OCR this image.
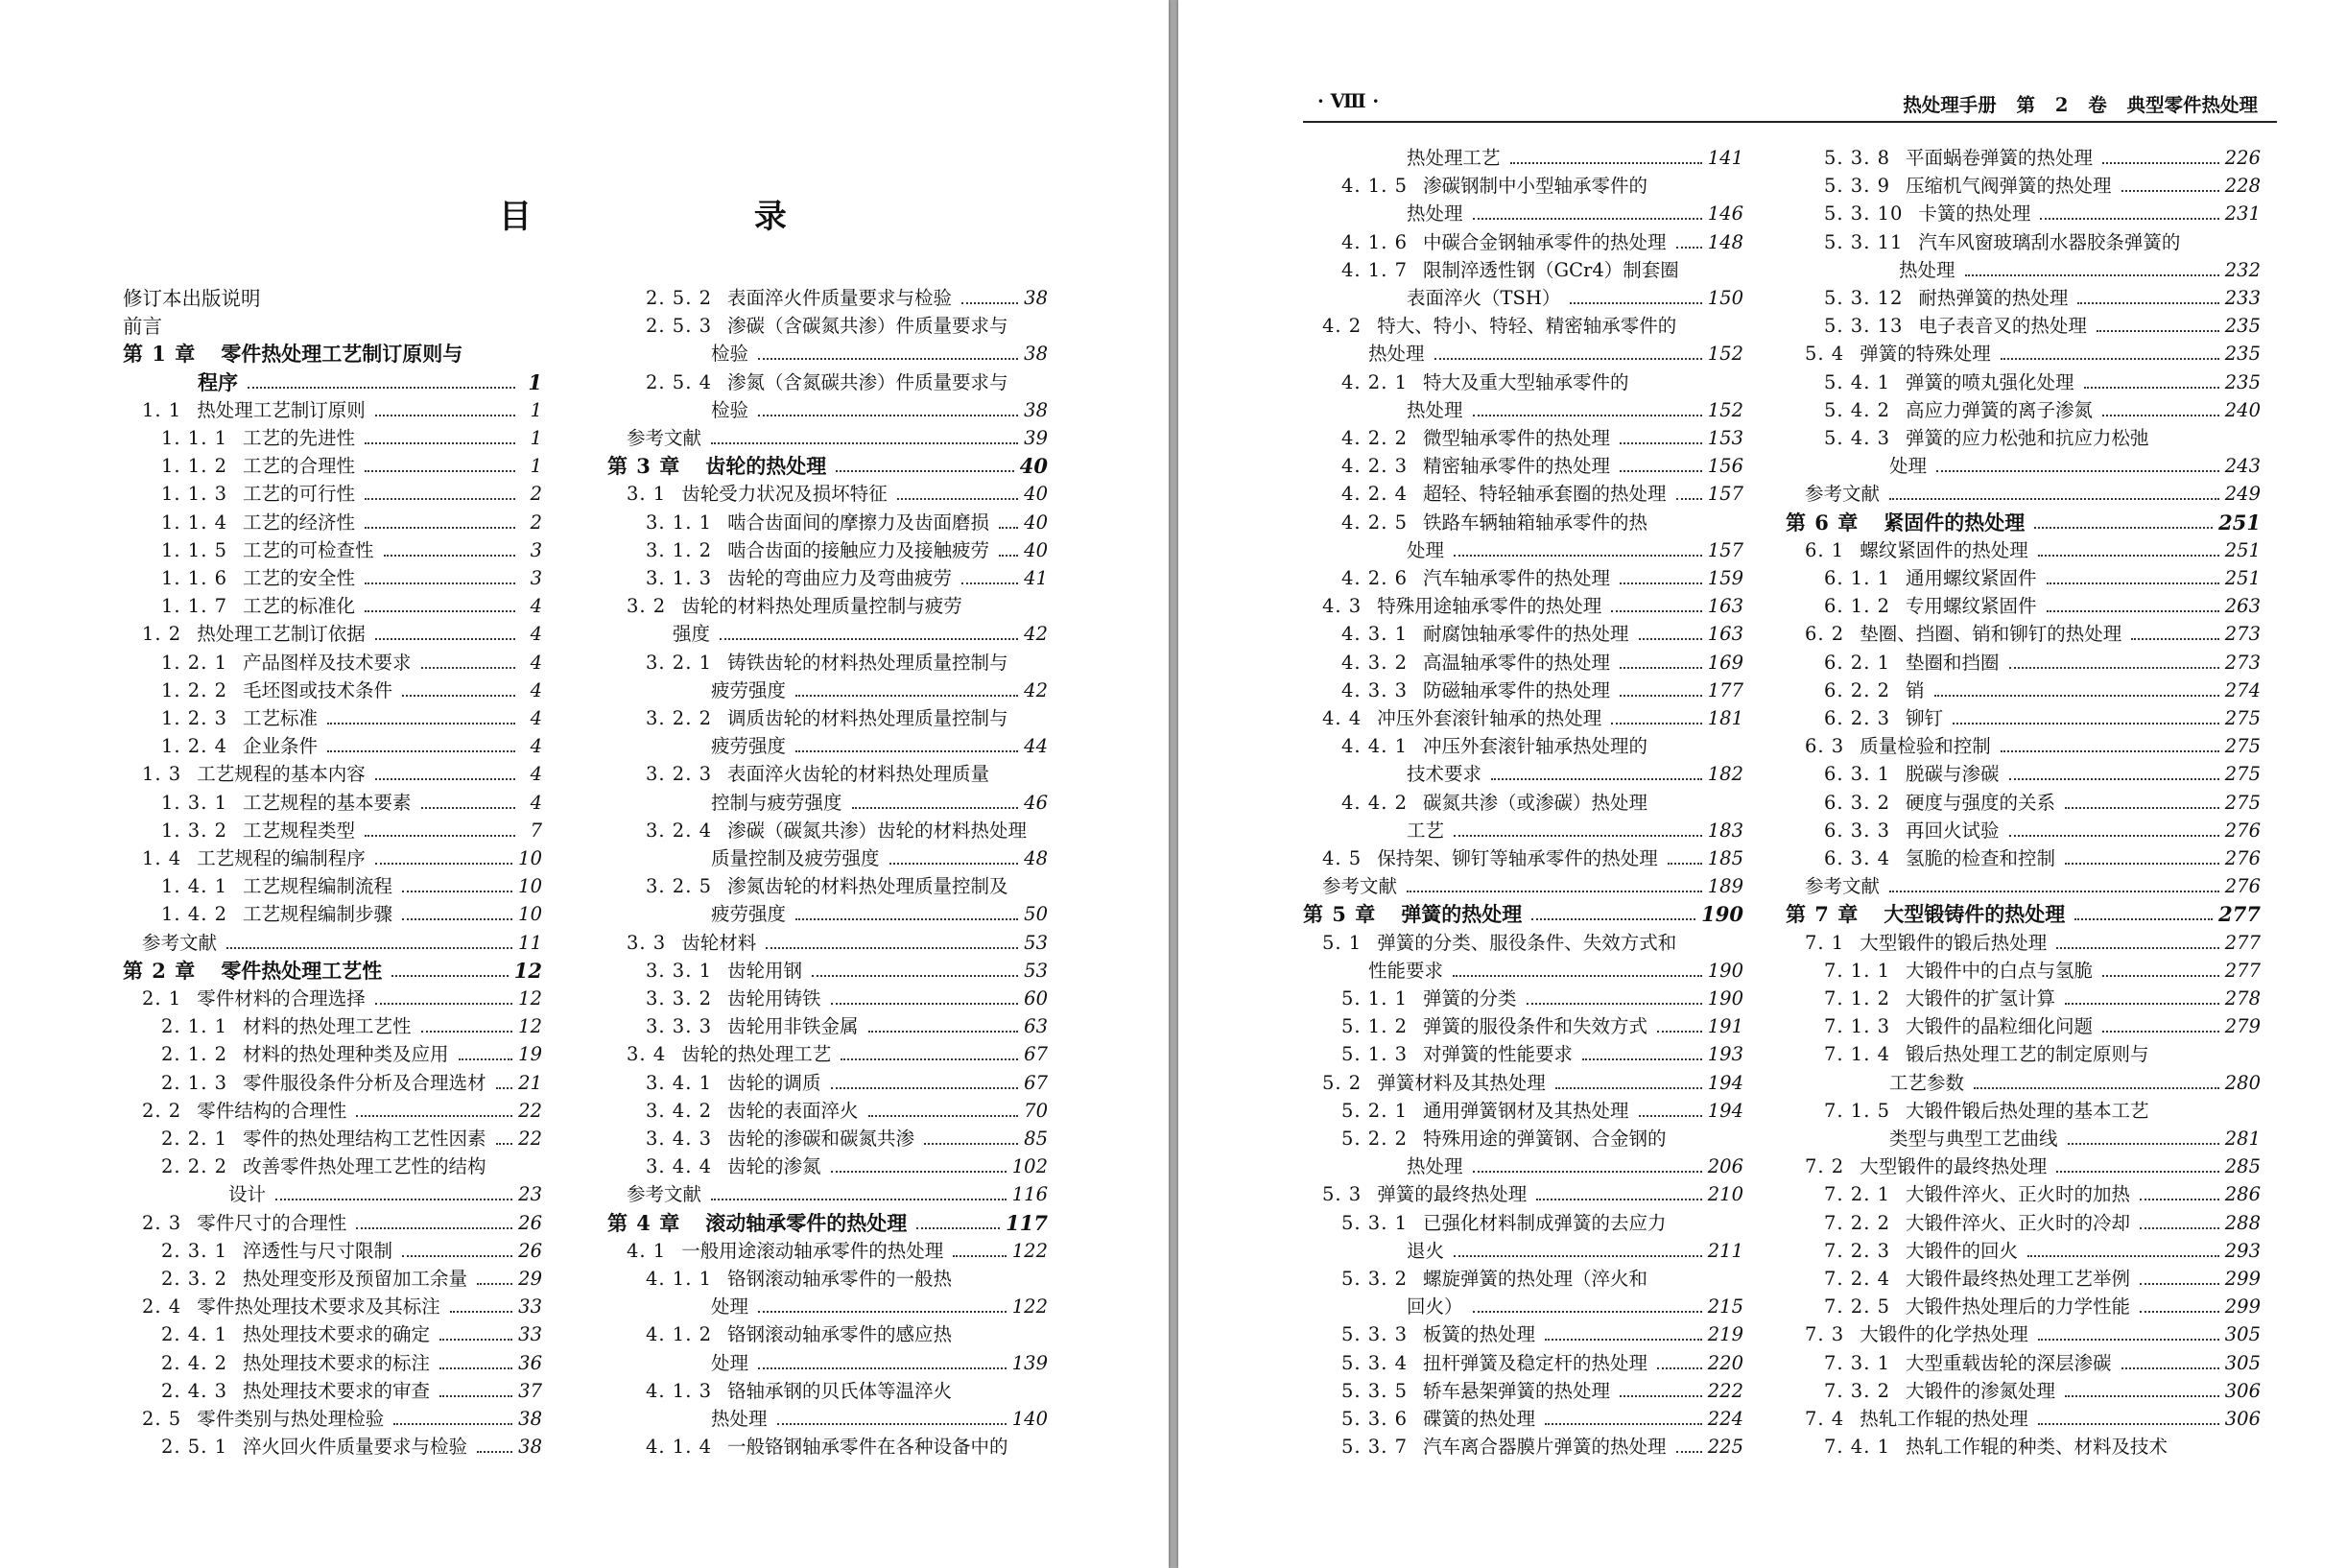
目 录
修订本出版说明
前言
第 1 章 零件热处理工艺制订原则与
程序	1
1. 1 热处理工艺制订原则	1
1. 1. 1 工艺的先进性	1
1. 1. 2 工艺的合理性	1
1. 1. 3 工艺的可行性	2
1. 1. 4 工艺的经济性	2
1. 1. 5 工艺的可检查性	3
1. 1. 6 工艺的安全性	3
1. 1. 7 工艺的标准化	4
1. 2 热处理工艺制订依据	4
1. 2. 1 产品图样及技术要求	4
1. 2. 2 毛坯图或技术条件	4
1. 2. 3 工艺标准	4
1. 2. 4 企业条件	4
1. 3 工艺规程的基本内容	4
1. 3. 1 工艺规程的基本要素	4
1. 3. 2 工艺规程类型	7
1. 4 工艺规程的编制程序	10
1. 4. 1 工艺规程编制流程	10
1. 4. 2 工艺规程编制步骤	10
参考文献	11
第 2 章 零件热处理工艺性	12
2. 1 零件材料的合理选择	12
2. 1. 1 材料的热处理工艺性	12
2. 1. 2 材料的热处理种类及应用	19
2. 1. 3 零件服役条件分析及合理选材 21
2. 2 零件结构的合理性	22
2. 2. 1 零件的热处理结构工艺性因素 22
2. 2. 2 改善零件热处理工艺性的结构
设计	23
2. 3 零件尺寸的合理性	26
2. 3. 1 淬透性与尺寸限制	26
2. 3. 2 热处理变形及预留加工余量	29
2. 4 零件热处理技术要求及其标注	33
2. 4. 1 热处理技术要求的确定	33
2. 4. 2 热处理技术要求的标注	36
2. 4. 3 热处理技术要求的审查	37
2. 5 零件类别与热处理检验	38
2. 5. 1 淬火回火件质量要求与检验	38
2. 5. 2 表面淬火件质量要求与检验	38
2. 5. 3 渗碳（含碳氮共渗）件质量要求与
检验	38
2. 5. 4 渗氮（含氮碳共渗）件质量要求与
检验	38
参考文献	39
第 3 章 齿轮的热处理	40
3. 1 齿轮受力状况及损坏特征	40
3. 1. 1 啮合齿面间的摩擦力及齿面磨损 40
3. 1. 2 啮合齿面的接触应力及接触疲劳 40
3. 1. 3 齿轮的弯曲应力及弯曲疲劳	41
3. 2 齿轮的材料热处理质量控制与疲劳
强度	42
3. 2. 1 铸铁齿轮的材料热处理质量控制与
疲劳强度	42
3. 2. 2 调质齿轮的材料热处理质量控制与
疲劳强度	44
3. 2. 3 表面淬火齿轮的材料热处理质量
控制与疲劳强度	46
3. 2. 4 渗碳（碳氮共渗）齿轮的材料热处理
质量控制及疲劳强度	48
3. 2. 5 渗氮齿轮的材料热处理质量控制及
疲劳强度	50
3. 3 齿轮材料	53
3. 3. 1 齿轮用钢	53
3. 3. 2 齿轮用铸铁	60
3. 3. 3 齿轮用非铁金属	63
3. 4 齿轮的热处理工艺	67
3. 4. 1 齿轮的调质	67
3. 4. 2 齿轮的表面淬火	70
3. 4. 3 齿轮的渗碳和碳氮共渗	85
3. 4. 4 齿轮的渗氮	102
参考文献	116
第 4 章 滚动轴承零件的热处理	117
4. 1 一般用途滚动轴承零件的热处理	122
4. 1. 1 铬钢滚动轴承零件的一般热
处理	122
4. 1. 2 铬钢滚动轴承零件的感应热
处理	139
4. 1. 3 铬轴承钢的贝氏体等温淬火
热处理	140
4. 1. 4 一般铬钢轴承零件在各种设备中的
· Ⅷ ·	热处理手册 第 2 卷 典型零件热处理
热处理工艺	141
4. 1. 5 渗碳钢制中小型轴承零件的
热处理	146
4. 1. 6 中碳合金钢轴承零件的热处理 148
4. 1. 7 限制淬透性钢（GCr4）制套圈
表面淬火（TSH）	150
4. 2 特大、特小、特轻、精密轴承零件的
热处理	152
4. 2. 1 特大及重大型轴承零件的
热处理	152
4. 2. 2 微型轴承零件的热处理	153
4. 2. 3 精密轴承零件的热处理	156
4. 2. 4 超轻、特轻轴承套圈的热处理 157
4. 2. 5 铁路车辆轴箱轴承零件的热
处理	157
4. 2. 6 汽车轴承零件的热处理	159
4. 3 特殊用途轴承零件的热处理	163
4. 3. 1 耐腐蚀轴承零件的热处理	163
4. 3. 2 高温轴承零件的热处理	169
4. 3. 3 防磁轴承零件的热处理	177
4. 4 冲压外套滚针轴承的热处理	181
4. 4. 1 冲压外套滚针轴承热处理的
技术要求	182
4. 4. 2 碳氮共渗（或渗碳）热处理
工艺	183
4. 5 保持架、铆钉等轴承零件的热处理	185
参考文献	189
第 5 章 弹簧的热处理	190
5. 1 弹簧的分类、服役条件、失效方式和
性能要求	190
5. 1. 1 弹簧的分类	190
5. 1. 2 弹簧的服役条件和失效方式	191
5. 1. 3 对弹簧的性能要求	193
5. 2 弹簧材料及其热处理	194
5. 2. 1 通用弹簧钢材及其热处理	194
5. 2. 2 特殊用途的弹簧钢、合金钢的
热处理	206
5. 3 弹簧的最终热处理	210
5. 3. 1 已强化材料制成弹簧的去应力
退火	211
5. 3. 2 螺旋弹簧的热处理（淬火和
回火）	215
5. 3. 3 板簧的热处理	219
5. 3. 4 扭杆弹簧及稳定杆的热处理	220
5. 3. 5 轿车悬架弹簧的热处理	222
5. 3. 6 碟簧的热处理	224
5. 3. 7 汽车离合器膜片弹簧的热处理 225
5. 3. 8 平面蜗卷弹簧的热处理	226
5. 3. 9 压缩机气阀弹簧的热处理	228
5. 3. 10 卡簧的热处理	231
5. 3. 11 汽车风窗玻璃刮水器胶条弹簧的
热处理	232
5. 3. 12 耐热弹簧的热处理	233
5. 3. 13 电子表音叉的热处理	235
5. 4 弹簧的特殊处理	235
5. 4. 1 弹簧的喷丸强化处理	235
5. 4. 2 高应力弹簧的离子渗氮	240
5. 4. 3 弹簧的应力松弛和抗应力松弛
处理	243
参考文献	249
第 6 章 紧固件的热处理	251
6. 1 螺纹紧固件的热处理	251
6. 1. 1 通用螺纹紧固件	251
6. 1. 2 专用螺纹紧固件	263
6. 2 垫圈、挡圈、销和铆钉的热处理	273
6. 2. 1 垫圈和挡圈	273
6. 2. 2 销	274
6. 2. 3 铆钉	275
6. 3 质量检验和控制	275
6. 3. 1 脱碳与渗碳	275
6. 3. 2 硬度与强度的关系	275
6. 3. 3 再回火试验	276
6. 3. 4 氢脆的检查和控制	276
参考文献	276
第 7 章 大型锻铸件的热处理	277
7. 1 大型锻件的锻后热处理	277
7. 1. 1 大锻件中的白点与氢脆	277
7. 1. 2 大锻件的扩氢计算	278
7. 1. 3 大锻件的晶粒细化问题	279
7. 1. 4 锻后热处理工艺的制定原则与
工艺参数	280
7. 1. 5 大锻件锻后热处理的基本工艺
类型与典型工艺曲线	281
7. 2 大型锻件的最终热处理	285
7. 2. 1 大锻件淬火、正火时的加热	286
7. 2. 2 大锻件淬火、正火时的冷却	288
7. 2. 3 大锻件的回火	293
7. 2. 4 大锻件最终热处理工艺举例	299
7. 2. 5 大锻件热处理后的力学性能	299
7. 3 大锻件的化学热处理	305
7. 3. 1 大型重载齿轮的深层渗碳	305
7. 3. 2 大锻件的渗氮处理	306
7. 4 热轧工作辊的热处理	306
7. 4. 1 热轧工作辊的种类、材料及技术
